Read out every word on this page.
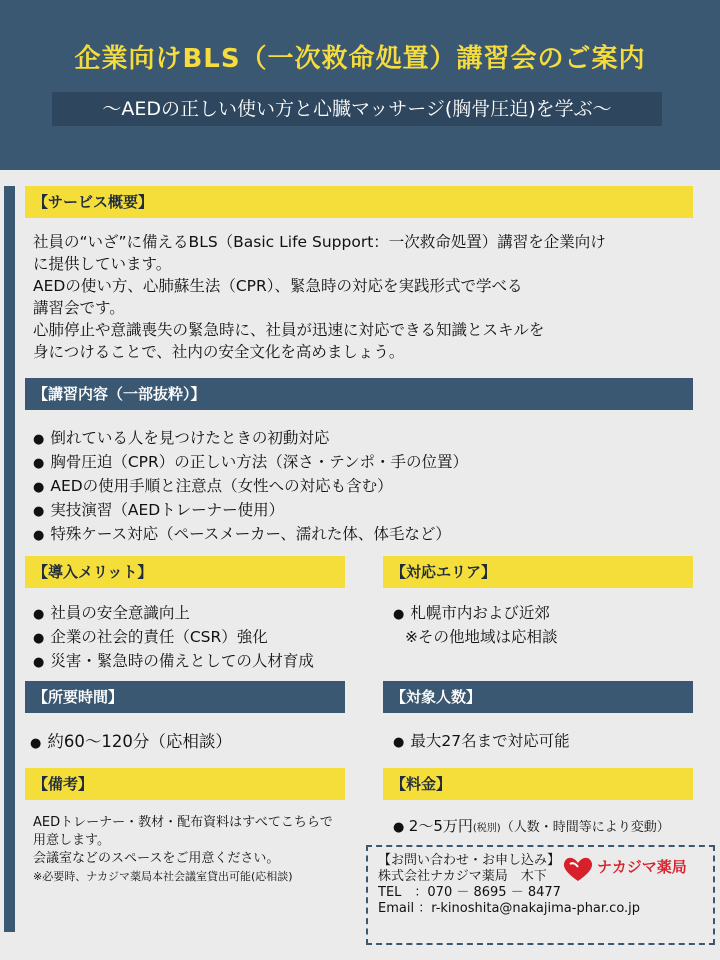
企業向けBLS（一次救命処置）講習会のご案内
～AEDの正しい使い方と心臓マッサージ(胸骨圧迫)を学ぶ～
【サービス概要】

社員の“いざ”に備えるBLS（Basic Life Support：一次救命処置）講習を企業向け

に提供しています。

AEDの使い方、心肺蘇生法（CPR）、緊急時の対応を実践形式で学べる

講習会です。

心肺停止や意識喪失の緊急時に、社員が迅速に対応できる知識とスキルを

身につけることで、社内の安全文化を高めましょう。

【講習内容（一部抜粋）】
● 倒れている人を見つけたときの初動対応
● 胸骨圧迫（CPR）の正しい方法（深さ・テンポ・手の位置）
● AEDの使用手順と注意点（女性への対応も含む）
● 実技演習（AEDトレーナー使用）
● 特殊ケース対応（ペースメーカー、濡れた体、体毛など）
【導入メリット】
● 社員の安全意識向上
● 企業の社会的責任（CSR）強化
● 災害・緊急時の備えとしての人材育成
【対応エリア】
● 札幌市内および近郊

※その他地域は応相談

【所要時間】
● 約60～120分（応相談）
【対象人数】
● 最大27名まで対応可能
【備考】

AEDトレーナー・教材・配布資料はすべてこちらで

用意します。

会議室などのスペースをご用意ください。

※必要時、ナカジマ薬局本社会議室貸出可能(応相談)

【料金】
● 2～5万円(税別)（人数・時間等により変動）

【お問い合わせ・お申し込み】

株式会社ナカジマ薬局　木下

TEL　：070 － 8695 － 8477

Email ：r-kinoshita@nakajima-phar.co.jp

ナカジマ薬局
